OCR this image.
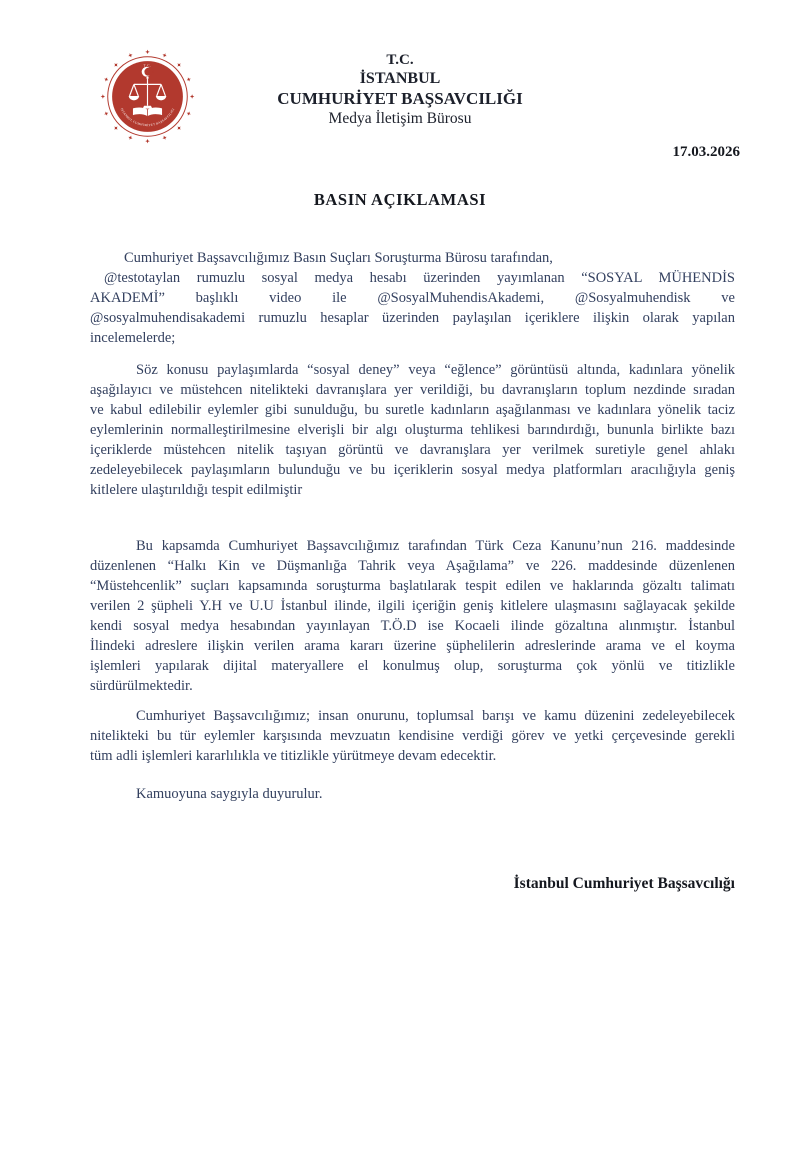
T.C.
İSTANBUL CUMHURİYET BAŞSAVCILIĞI
T.C.
İSTANBUL
CUMHURİYET BAŞSAVCILIĞI
Medya İletişim Bürosu
17.03.2026
BASIN AÇIKLAMASI
Cumhuriyet Başsavcılığımız Basın Suçları Soruşturma Bürosu tarafından,
@testotaylan rumuzlu sosyal medya hesabı üzerinden yayımlanan “SOSYAL MÜHENDİS
AKADEMİ” başlıklı video ile @SosyalMuhendisAkademi, @Sosyalmuhendisk ve
@sosyalmuhendisakademi rumuzlu hesaplar üzerinden paylaşılan içeriklere ilişkin olarak yapılan
incelemelerde;
Söz konusu paylaşımlarda “sosyal deney” veya “eğlence” görüntüsü altında, kadınlara yönelik
aşağılayıcı ve müstehcen nitelikteki davranışlara yer verildiği, bu davranışların toplum nezdinde sıradan
ve kabul edilebilir eylemler gibi sunulduğu, bu suretle kadınların aşağılanması ve kadınlara yönelik taciz
eylemlerinin normalleştirilmesine elverişli bir algı oluşturma tehlikesi barındırdığı, bununla birlikte bazı
içeriklerde müstehcen nitelik taşıyan görüntü ve davranışlara yer verilmek suretiyle genel ahlakı
zedeleyebilecek paylaşımların bulunduğu ve bu içeriklerin sosyal medya platformları aracılığıyla geniş
kitlelere ulaştırıldığı tespit edilmiştir
Bu kapsamda Cumhuriyet Başsavcılığımız tarafından Türk Ceza Kanunu’nun 216. maddesinde
düzenlenen “Halkı Kin ve Düşmanlığa Tahrik veya Aşağılama” ve 226. maddesinde düzenlenen
“Müstehcenlik” suçları kapsamında soruşturma başlatılarak tespit edilen ve haklarında gözaltı talimatı
verilen 2 şüpheli Y.H ve U.U İstanbul ilinde, ilgili içeriğin geniş kitlelere ulaşmasını sağlayacak şekilde
kendi sosyal medya hesabından yayınlayan T.Ö.D ise Kocaeli ilinde gözaltına alınmıştır. İstanbul
İlindeki adreslere ilişkin verilen arama kararı üzerine şüphelilerin adreslerinde arama ve el koyma
işlemleri yapılarak dijital materyallere el konulmuş olup, soruşturma çok yönlü ve titizlikle
sürdürülmektedir.
Cumhuriyet Başsavcılığımız; insan onurunu, toplumsal barışı ve kamu düzenini zedeleyebilecek
nitelikteki bu tür eylemler karşısında mevzuatın kendisine verdiği görev ve yetki çerçevesinde gerekli
tüm adli işlemleri kararlılıkla ve titizlikle yürütmeye devam edecektir.
Kamuoyuna saygıyla duyurulur.
İstanbul Cumhuriyet Başsavcılığı
